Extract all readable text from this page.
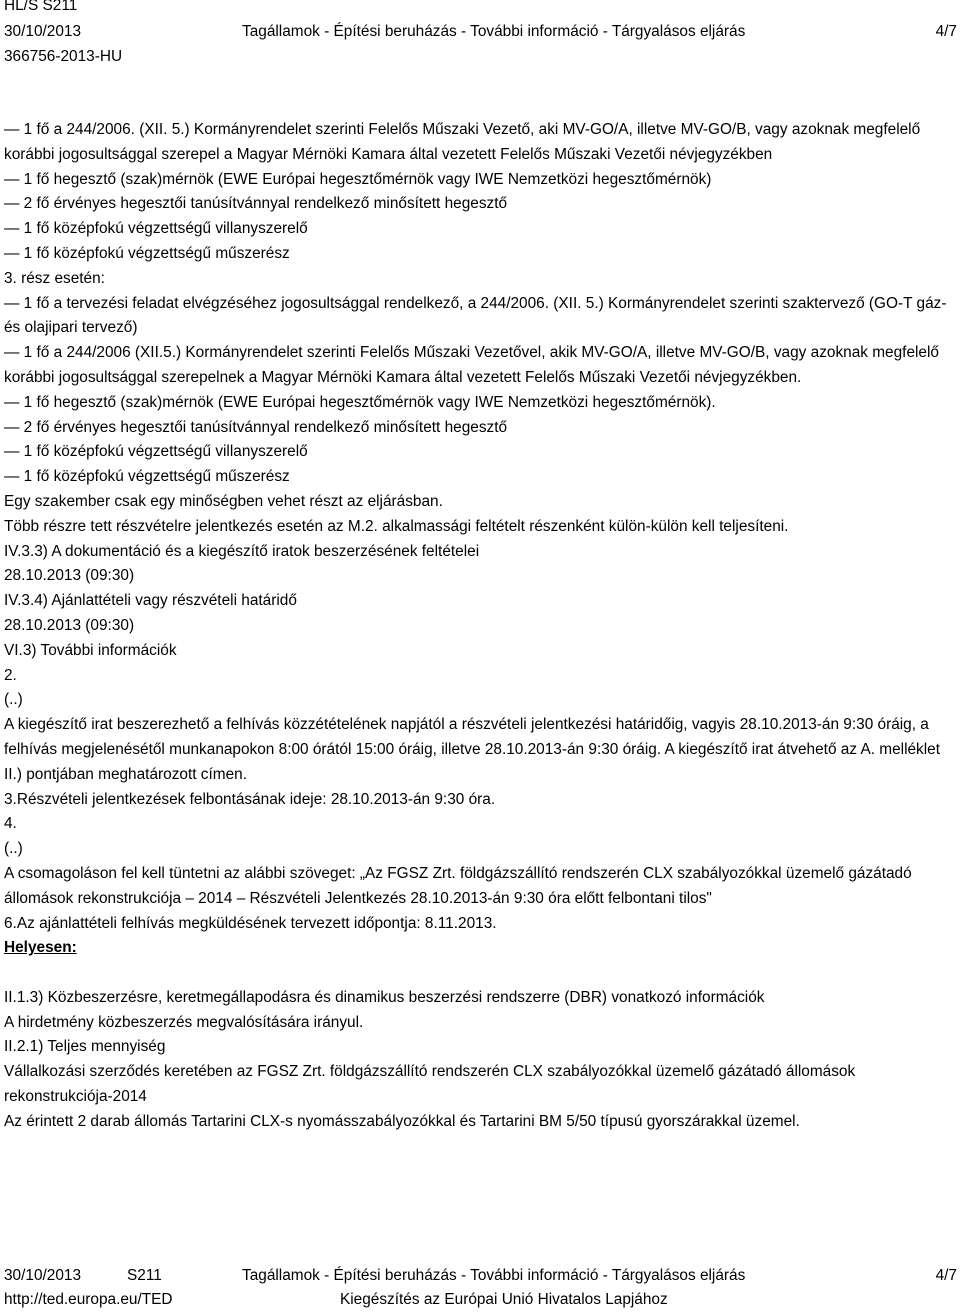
HL/S S211
30/10/2013	Tagállamok - Építési beruházás - További információ - Tárgyalásos eljárás	4/7
366756-2013-HU

— 1 fő a 244/2006. (XII. 5.) Kormányrendelet szerinti Felelős Műszaki Vezető, aki MV-GO/A, illetve MV-GO/B, vagy azoknak megfelelő korábbi jogosultsággal szerepel a Magyar Mérnöki Kamara által vezetett Felelős Műszaki Vezetői névjegyzékben

— 1 fő hegesztő (szak)mérnök (EWE Európai hegesztőmérnök vagy IWE Nemzetközi hegesztőmérnök)

— 2 fő érvényes hegesztői tanúsítvánnyal rendelkező minősített hegesztő

— 1 fő középfokú végzettségű villanyszerelő

— 1 fő középfokú végzettségű műszerész

3. rész esetén:

— 1 fő a tervezési feladat elvégzéséhez jogosultsággal rendelkező, a 244/2006. (XII. 5.) Kormányrendelet szerinti szaktervező (GO-T gáz- és olajipari tervező)

— 1 fő a 244/2006 (XII.5.) Kormányrendelet szerinti Felelős Műszaki Vezetővel, akik MV-GO/A, illetve MV-GO/B, vagy azoknak megfelelő korábbi jogosultsággal szerepelnek a Magyar Mérnöki Kamara által vezetett Felelős Műszaki Vezetői névjegyzékben.

— 1 fő hegesztő (szak)mérnök (EWE Európai hegesztőmérnök vagy IWE Nemzetközi hegesztőmérnök).

— 2 fő érvényes hegesztői tanúsítvánnyal rendelkező minősített hegesztő

— 1 fő középfokú végzettségű villanyszerelő

— 1 fő középfokú végzettségű műszerész

Egy szakember csak egy minőségben vehet részt az eljárásban.

Több részre tett részvételre jelentkezés esetén az M.2. alkalmassági feltételt részenként külön-külön kell teljesíteni.

IV.3.3) A dokumentáció és a kiegészítő iratok beszerzésének feltételei

28.10.2013 (09:30)

IV.3.4) Ajánlattételi vagy részvételi határidő

28.10.2013 (09:30)

VI.3) További információk

2.

(..)

A kiegészítő irat beszerezhető a felhívás közzétételének napjától a részvételi jelentkezési határidőig, vagyis 28.10.2013-án 9:30 óráig, a felhívás megjelenésétől munkanapokon 8:00 órától 15:00 óráig, illetve 28.10.2013-án 9:30 óráig. A kiegészítő irat átvehető az A. melléklet II.) pontjában meghatározott címen.

3.Részvételi jelentkezések felbontásának ideje: 28.10.2013-án 9:30 óra.

4.

(..)

A csomagoláson fel kell tüntetni az alábbi szöveget: „Az FGSZ Zrt. földgázszállító rendszerén CLX szabályozókkal üzemelő gázátadó állomások rekonstrukciója – 2014 – Részvételi Jelentkezés 28.10.2013-án 9:30 óra előtt felbontani tilos"

6.Az ajánlattételi felhívás megküldésének tervezett időpontja: 8.11.2013.

Helyesen:

II.1.3) Közbeszerzésre, keretmegállapodásra és dinamikus beszerzési rendszerre (DBR) vonatkozó információk

A hirdetmény közbeszerzés megvalósítására irányul.

II.2.1) Teljes mennyiség

Vállalkozási szerződés keretében az FGSZ Zrt. földgázszállító rendszerén CLX szabályozókkal üzemelő gázátadó állomások rekonstrukciója-2014

Az érintett 2 darab állomás Tartarini CLX-s nyomásszabályozókkal és Tartarini BM 5/50 típusú gyorszárakkal üzemel.

30/10/2013	S211	Tagállamok - Építési beruházás - További információ - Tárgyalásos eljárás	4/7
http://ted.europa.eu/TED	Kiegészítés az Európai Unió Hivatalos Lapjához
